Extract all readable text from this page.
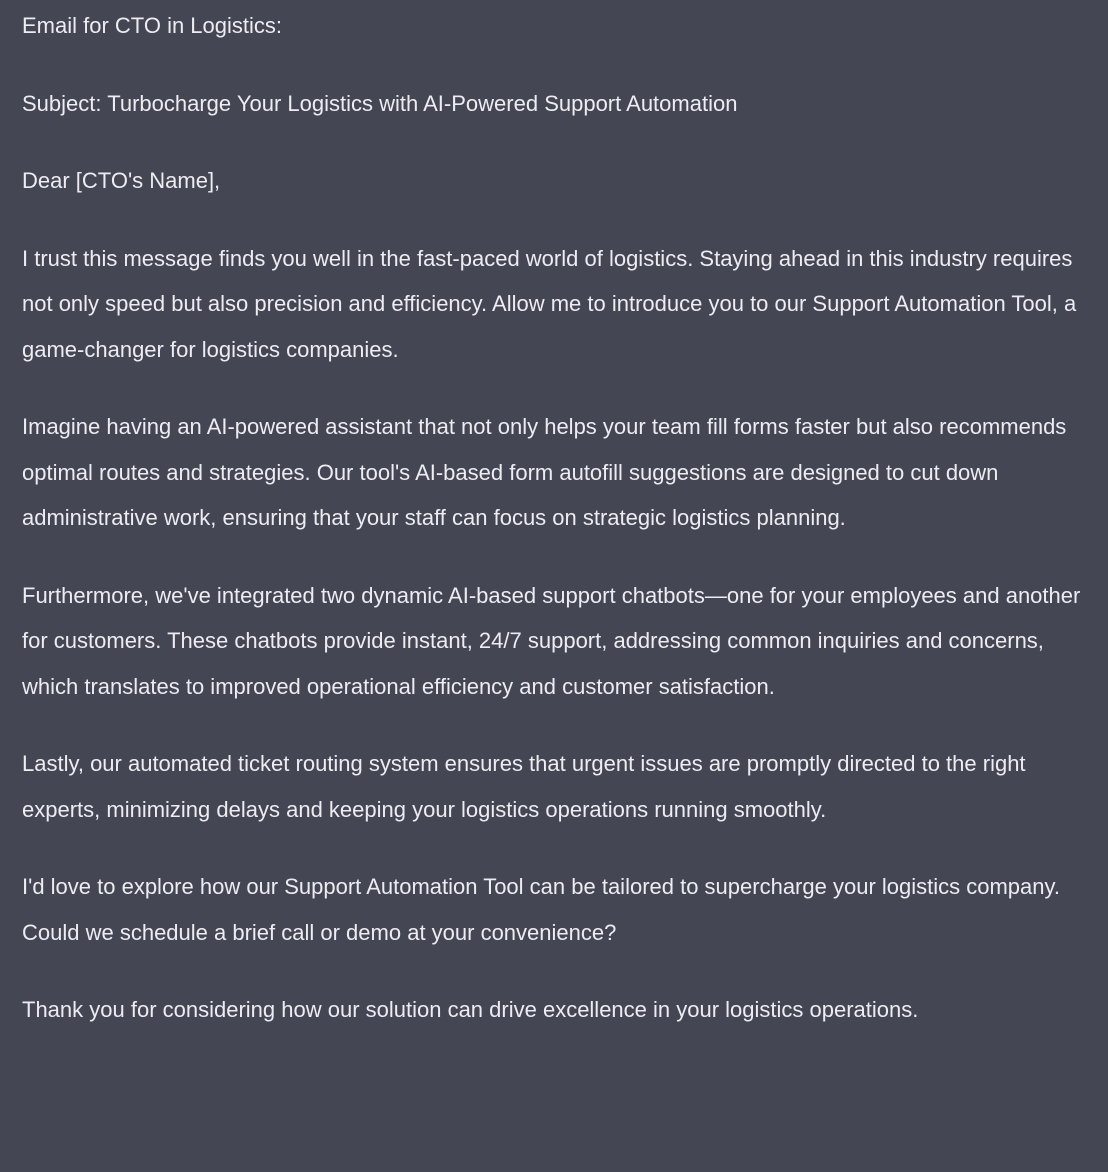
Email for CTO in Logistics:

Subject: Turbocharge Your Logistics with AI-Powered Support Automation

Dear [CTO's Name],

I trust this message finds you well in the fast-paced world of logistics. Staying ahead in this industry requires not only speed but also precision and efficiency. Allow me to introduce you to our Support Automation Tool, a game-changer for logistics companies.

Imagine having an AI-powered assistant that not only helps your team fill forms faster but also recommends optimal routes and strategies. Our tool's AI-based form autofill suggestions are designed to cut down administrative work, ensuring that your staff can focus on strategic logistics planning.

Furthermore, we've integrated two dynamic AI-based support chatbots—one for your employees and another for customers. These chatbots provide instant, 24/7 support, addressing common inquiries and concerns, which translates to improved operational efficiency and customer satisfaction.

Lastly, our automated ticket routing system ensures that urgent issues are promptly directed to the right experts, minimizing delays and keeping your logistics operations running smoothly.

I'd love to explore how our Support Automation Tool can be tailored to supercharge your logistics company. Could we schedule a brief call or demo at your convenience?

Thank you for considering how our solution can drive excellence in your logistics operations.
